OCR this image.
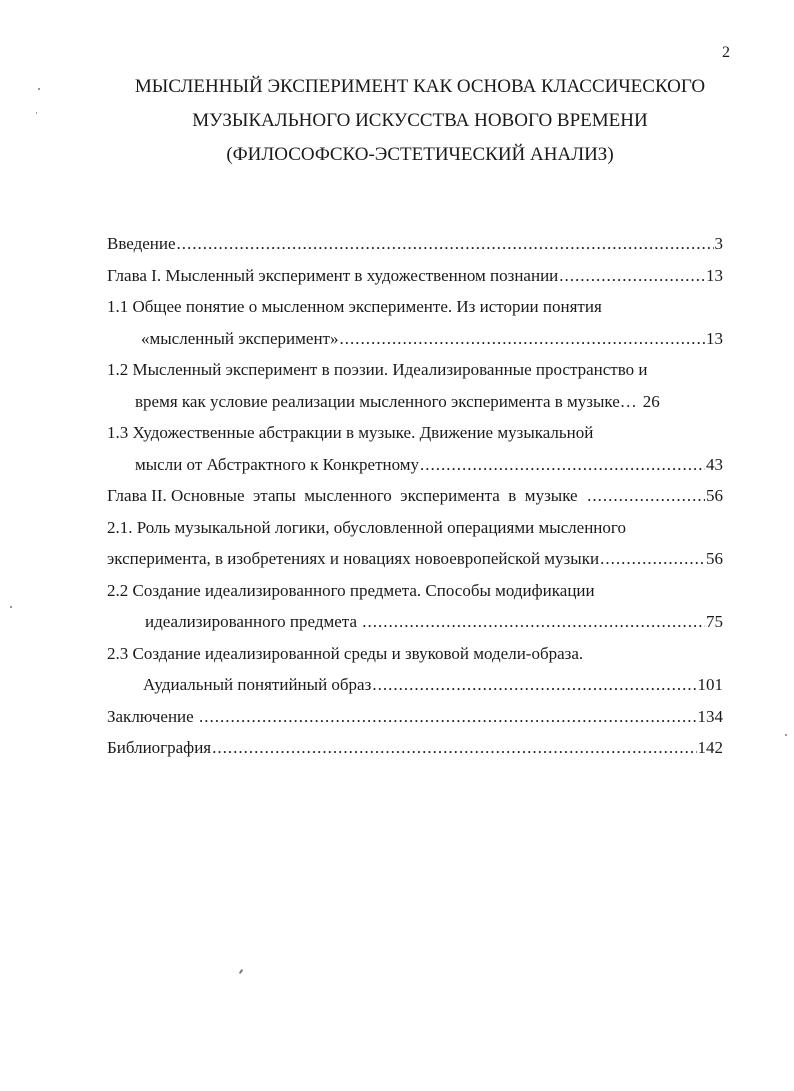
2
МЫСЛЕННЫЙ ЭКСПЕРИМЕНТ КАК ОСНОВА КЛАССИЧЕСКОГО
МУЗЫКАЛЬНОГО ИСКУССТВА НОВОГО ВРЕМЕНИ
(ФИЛОСОФСКО-ЭСТЕТИЧЕСКИЙ АНАЛИЗ)
Введение .....	3
Глава I. Мысленный эксперимент в художественном познании .....	13
1.1 Общее понятие о мысленном эксперименте. Из истории понятия
«мысленный эксперимент» .....	13
1.2 Мысленный эксперимент в поэзии. Идеализированные пространство и
время как условие реализации мысленного эксперимента в музыке… 26
1.3 Художественные абстракции в музыке. Движение музыкальной
мысли от Абстрактного к Конкретному .....	43
Глава II. Основные  этапы  мысленного  эксперимента  в  музыке .....	56
2.1. Роль музыкальной логики, обусловленной операциями мысленного
эксперимента, в изобретениях и новациях новоевропейской музыки .....	56
2.2 Создание идеализированного предмета. Способы модификации
идеализированного предмета .....	75
2.3 Создание идеализированной среды и звуковой модели-образа.
Аудиальный понятийный образ .....	101
Заключение .....	134
Библиография .....	142
